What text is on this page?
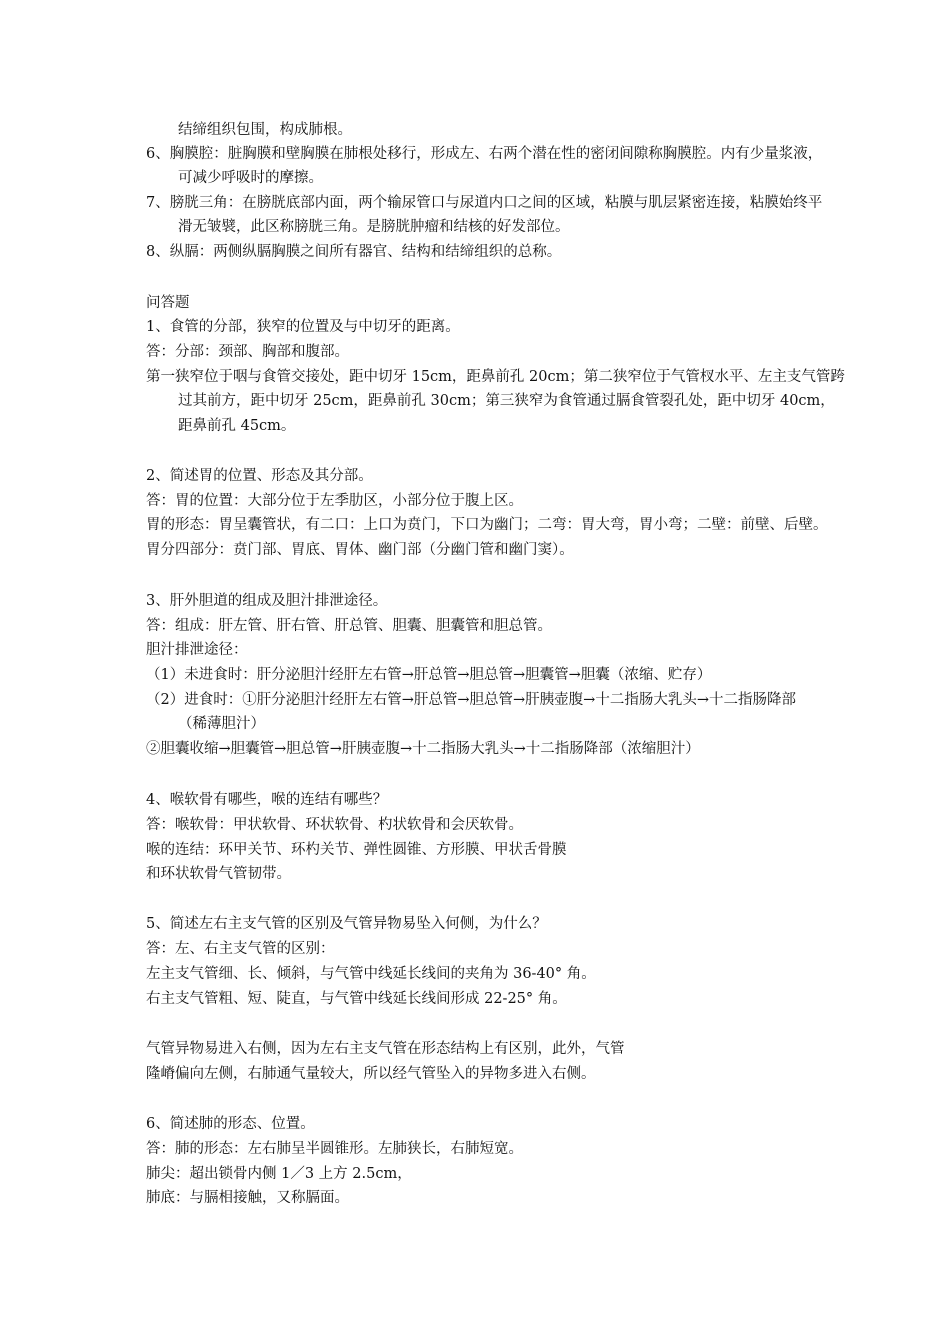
结缔组织包围，构成肺根。
6、胸膜腔：脏胸膜和壁胸膜在肺根处移行，形成左、右两个潜在性的密闭间隙称胸膜腔。内有少量浆液，
可减少呼吸时的摩擦。
7、膀胱三角：在膀胱底部内面，两个输尿管口与尿道内口之间的区域，粘膜与肌层紧密连接，粘膜始终平
滑无皱襞，此区称膀胱三角。是膀胱肿瘤和结核的好发部位。
8、纵膈：两侧纵膈胸膜之间所有器官、结构和结缔组织的总称。
问答题
1、食管的分部，狭窄的位置及与中切牙的距离。
答：分部：颈部、胸部和腹部。
第一狭窄位于咽与食管交接处，距中切牙 15cm，距鼻前孔 20cm；第二狭窄位于气管杈水平、左主支气管跨
过其前方，距中切牙 25cm，距鼻前孔 30cm；第三狭窄为食管通过膈食管裂孔处，距中切牙 40cm，
距鼻前孔 45cm。
2、简述胃的位置、形态及其分部。
答：胃的位置：大部分位于左季肋区，小部分位于腹上区。
胃的形态：胃呈囊管状，有二口：上口为贲门，下口为幽门；二弯：胃大弯，胃小弯；二壁：前壁、后壁。
胃分四部分：贲门部、胃底、胃体、幽门部（分幽门管和幽门窦）。
3、肝外胆道的组成及胆汁排泄途径。
答：组成：肝左管、肝右管、肝总管、胆囊、胆囊管和胆总管。
胆汁排泄途径：
（1）未进食时：肝分泌胆汁经肝左右管→肝总管→胆总管→胆囊管→胆囊（浓缩、贮存）
（2）进食时：①肝分泌胆汁经肝左右管→肝总管→胆总管→肝胰壶腹→十二指肠大乳头→十二指肠降部
（稀薄胆汁）
②胆囊收缩→胆囊管→胆总管→肝胰壶腹→十二指肠大乳头→十二指肠降部（浓缩胆汁）
4、喉软骨有哪些，喉的连结有哪些？
答：喉软骨：甲状软骨、环状软骨、杓状软骨和会厌软骨。
喉的连结：环甲关节、环杓关节、弹性圆锥、方形膜、甲状舌骨膜
和环状软骨气管韧带。
5、简述左右主支气管的区别及气管异物易坠入何侧，为什么？
答：左、右主支气管的区别：
左主支气管细、长、倾斜，与气管中线延长线间的夹角为 36-40° 角。
右主支气管粗、短、陡直，与气管中线延长线间形成 22-25° 角。
气管异物易进入右侧，因为左右主支气管在形态结构上有区别，此外，气管
隆嵴偏向左侧，右肺通气量较大，所以经气管坠入的异物多进入右侧。
6、简述肺的形态、位置。
答：肺的形态：左右肺呈半圆锥形。左肺狭长，右肺短宽。
肺尖：超出锁骨内侧 1／3 上方 2.5cm，
肺底：与膈相接触，又称膈面。
